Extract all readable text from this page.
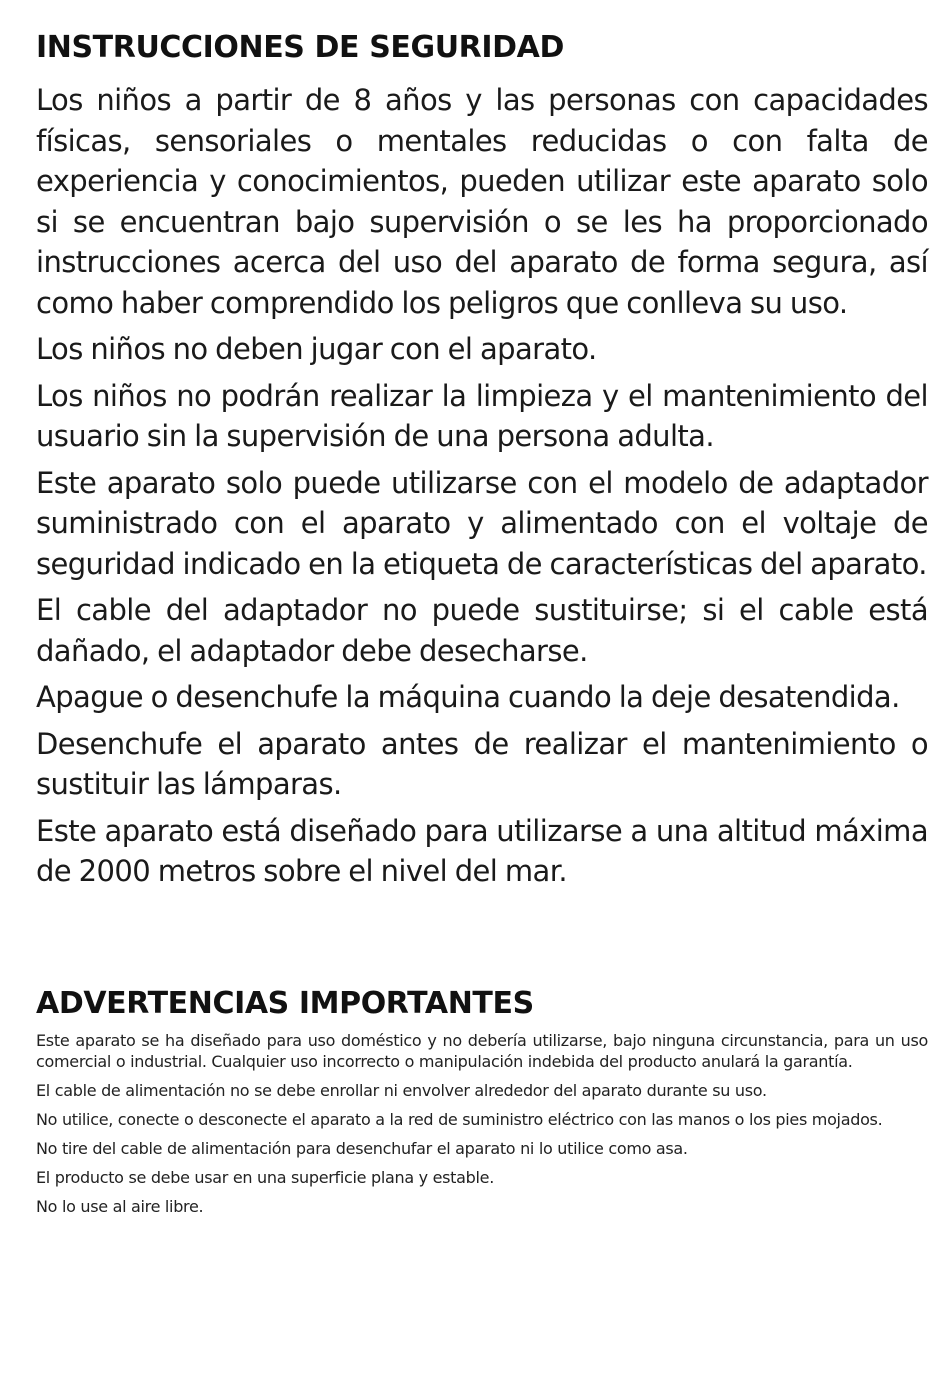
INSTRUCCIONES DE SEGURIDAD

Los niños a partir de 8 años y las personas con capacidades físicas, sensoriales o mentales reducidas o con falta de experiencia y conocimientos, pueden utilizar este aparato solo si se encuentran bajo supervisión o se les ha proporcionado instrucciones acerca del uso del aparato de forma segura, así como haber comprendido los peligros que conlleva su uso.

Los niños no deben jugar con el aparato.

Los niños no podrán realizar la limpieza y el mantenimiento del usuario sin la supervisión de una persona adulta.

Este aparato solo puede utilizarse con el modelo de adaptador suministrado con el aparato y alimentado con el voltaje de seguridad indicado en la etiqueta de características del aparato.

El cable del adaptador no puede sustituirse; si el cable está dañado, el adaptador debe desecharse.

Apague o desenchufe la máquina cuando la deje desatendida.

Desenchufe el aparato antes de realizar el mantenimiento o sustituir las lámparas.

Este aparato está diseñado para utilizarse a una altitud máxima de 2000 metros sobre el nivel del mar.

ADVERTENCIAS IMPORTANTES

Este aparato se ha diseñado para uso doméstico y no debería utilizarse, bajo ninguna circunstancia, para un uso comercial o industrial. Cualquier uso incorrecto o manipulación indebida del producto anulará la garantía.

El cable de alimentación no se debe enrollar ni envolver alrededor del aparato durante su uso.

No utilice, conecte o desconecte el aparato a la red de suministro eléctrico con las manos o los pies mojados.

No tire del cable de alimentación para desenchufar el aparato ni lo utilice como asa.

El producto se debe usar en una superficie plana y estable.

No lo use al aire libre.
